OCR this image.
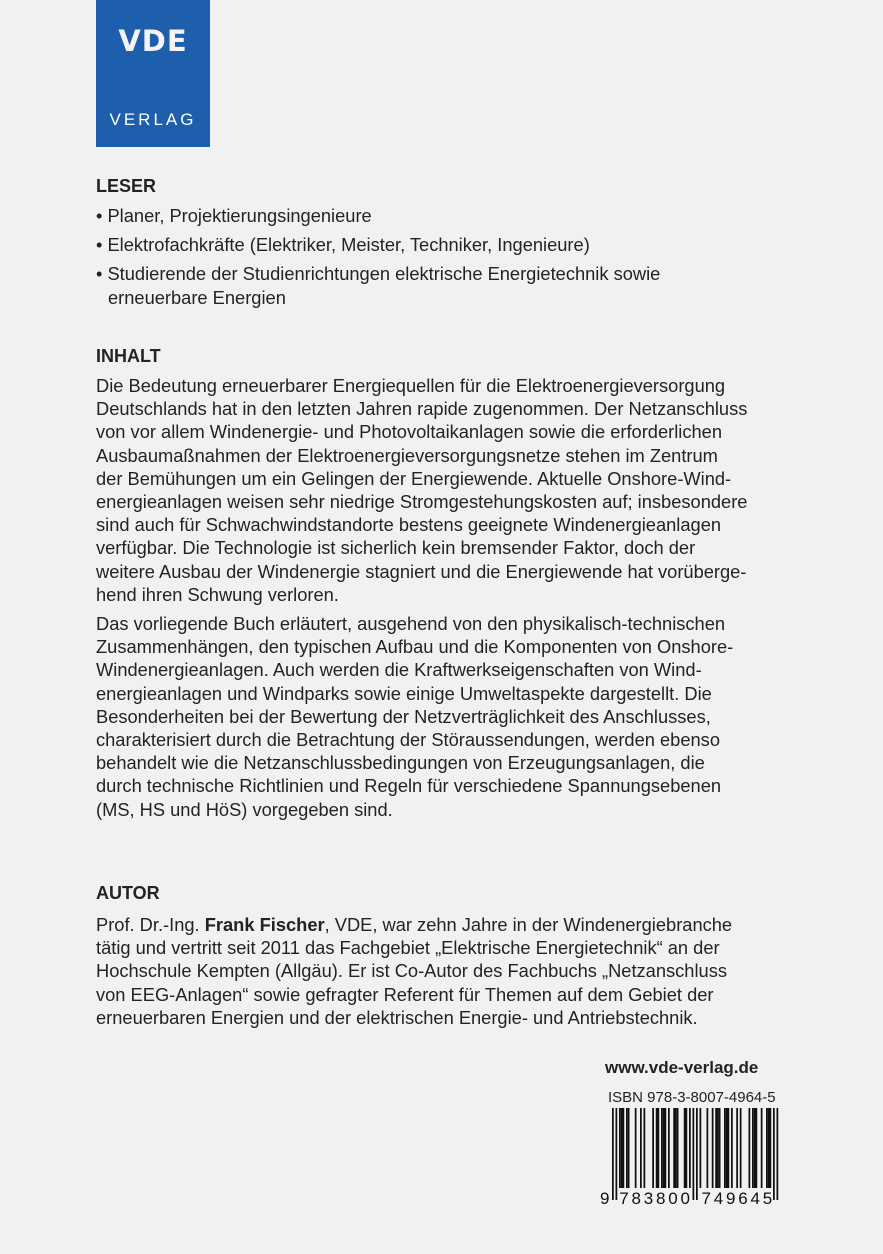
VDE
VERLAG
LESER
• Planer, Projektierungsingenieure
• Elektrofachkräfte (Elektriker, Meister, Techniker, Ingenieure)
• Studierende der Studienrichtungen elektrische Energietechnik sowie
erneuerbare Energien
INHALT
Die Bedeutung erneuerbarer Energiequellen für die Elektroenergieversorgung
Deutschlands hat in den letzten Jahren rapide zugenommen. Der Netzanschluss
von vor allem Windenergie- und Photovoltaikanlagen sowie die erforderlichen
Ausbaumaßnahmen der Elektroenergieversorgungsnetze stehen im Zentrum
der Bemühungen um ein Gelingen der Energiewende. Aktuelle Onshore-Wind-
energieanlagen weisen sehr niedrige Stromgestehungskosten auf; insbesondere
sind auch für Schwachwindstandorte bestens geeignete Windenergieanlagen
verfügbar. Die Technologie ist sicherlich kein bremsender Faktor, doch der
weitere Ausbau der Windenergie stagniert und die Energiewende hat vorüberge-
hend ihren Schwung verloren.
Das vorliegende Buch erläutert, ausgehend von den physikalisch-technischen
Zusammenhängen, den typischen Aufbau und die Komponenten von Onshore-
Windenergieanlagen. Auch werden die Kraftwerkseigenschaften von Wind-
energieanlagen und Windparks sowie einige Umweltaspekte dargestellt. Die
Besonderheiten bei der Bewertung der Netzverträglichkeit des Anschlusses,
charakterisiert durch die Betrachtung der Störaussendungen, werden ebenso
behandelt wie die Netzanschlussbedingungen von Erzeugungsanlagen, die
durch technische Richtlinien und Regeln für verschiedene Spannungsebenen
(MS, HS und HöS) vorgegeben sind.
AUTOR
Prof. Dr.-Ing. Frank Fischer, VDE, war zehn Jahre in der Windenergiebranche
tätig und vertritt seit 2011 das Fachgebiet „Elektrische Energietechnik“ an der
Hochschule Kempten (Allgäu). Er ist Co-Autor des Fachbuchs „Netzanschluss
von EEG-Anlagen“ sowie gefragter Referent für Themen auf dem Gebiet der
erneuerbaren Energien und der elektrischen Energie- und Antriebstechnik.
www.vde-verlag.de
ISBN 978-3-8007-4964-5
9 7 8 3 8 0 0 7 4 9 6 4 5
